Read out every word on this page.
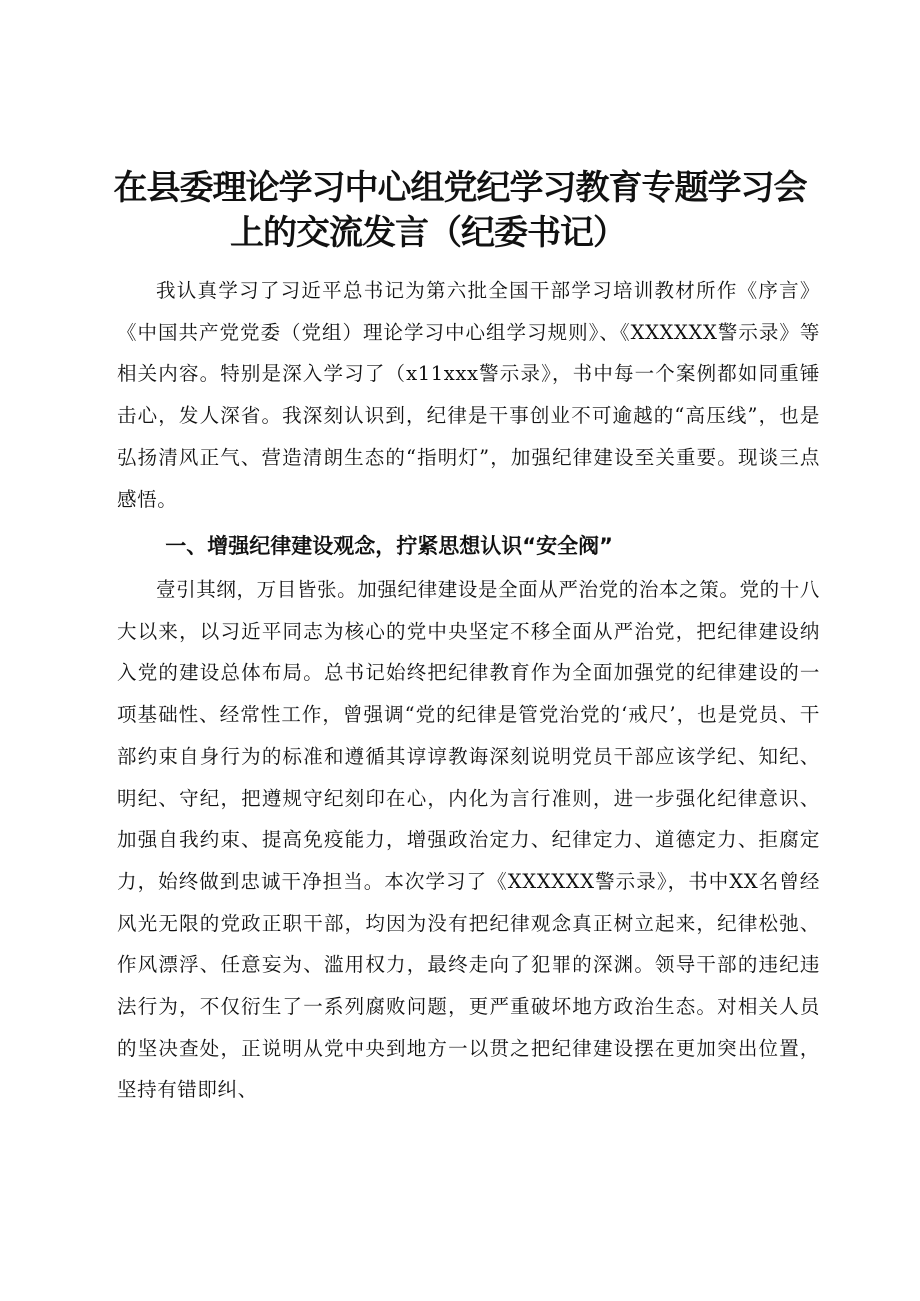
在县委理论学习中心组党纪学习教育专题学习会
上的交流发言（纪委书记）

我认真学习了习近平总书记为第六批全国干部学习培训教材所作《序言》《中国共产党党委（党组）理论学习中心组学习规则》、《XXXXXX警示录》等相关内容。特别是深入学习了（x11xxx警示录》，书中每一个案例都如同重锤击心，发人深省。我深刻认识到，纪律是干事创业不可逾越的“高压线”，也是弘扬清风正气、营造清朗生态的“指明灯”，加强纪律建设至关重要。现谈三点感悟。

一、增强纪律建设观念，拧紧思想认识“安全阀”

壹引其纲，万目皆张。加强纪律建设是全面从严治党的治本之策。党的十八大以来，以习近平同志为核心的党中央坚定不移全面从严治党，把纪律建设纳入党的建设总体布局。总书记始终把纪律教育作为全面加强党的纪律建设的一项基础性、经常性工作，曾强调“党的纪律是管党治党的‘戒尺’，也是党员、干部约束自身行为的标准和遵循其谆谆教诲深刻说明党员干部应该学纪、知纪、明纪、守纪，把遵规守纪刻印在心，内化为言行准则，进一步强化纪律意识、加强自我约束、提高免疫能力，增强政治定力、纪律定力、道德定力、拒腐定力，始终做到忠诚干净担当。本次学习了《XXXXXX警示录》，书中XX名曾经风光无限的党政正职干部，均因为没有把纪律观念真正树立起来，纪律松弛、作风漂浮、任意妄为、滥用权力，最终走向了犯罪的深渊。领导干部的违纪违法行为，不仅衍生了一系列腐败问题，更严重破坏地方政治生态。对相关人员的坚决查处，正说明从党中央到地方一以贯之把纪律建设摆在更加突出位置，坚持有错即纠、
